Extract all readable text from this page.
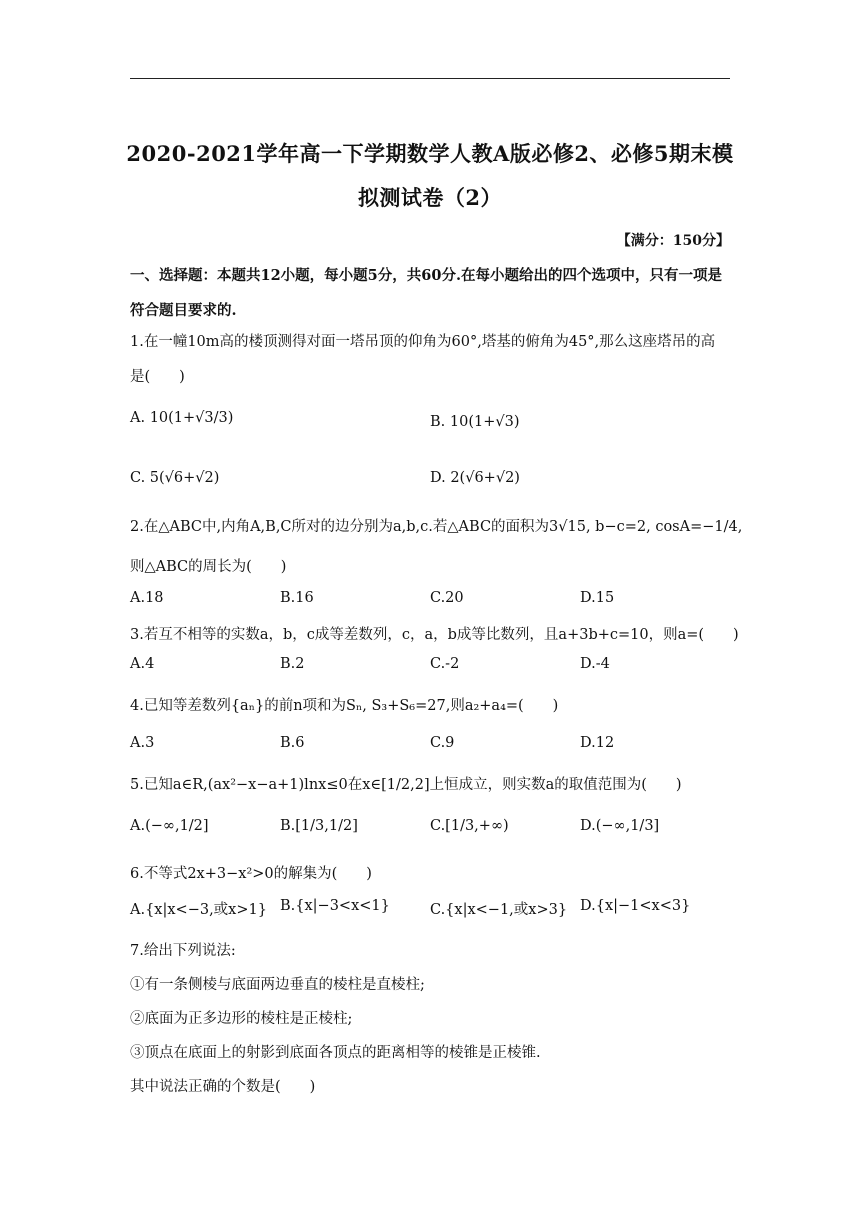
2020-2021学年高一下学期数学人教A版必修2、必修5期末模
拟测试卷（2）
【满分：150分】
一、选择题：本题共12小题，每小题5分，共60分.在每小题给出的四个选项中，只有一项是符合题目要求的.
1.在一幢10m高的楼顶测得对面一塔吊顶的仰角为60°,塔基的俯角为45°,那么这座塔吊的高
是(　　)
A. 10(1+√3/3)	B. 10(1+√3)
C. 5(√6+√2)	D. 2(√6+√2)
2.在△ABC中,内角A,B,C所对的边分别为a,b,c.若△ABC的面积为3√15, b−c=2, cosA=−1/4,
则△ABC的周长为(　　)
A.18	B.16	C.20	D.15
3.若互不相等的实数a，b，c成等差数列，c，a，b成等比数列，且a+3b+c=10，则a=(　　)
A.4	B.2	C.-2	D.-4
4.已知等差数列{aₙ}的前n项和为Sₙ, S₃+S₆=27,则a₂+a₄=(　　)
A.3	B.6	C.9	D.12
5.已知a∈R,(ax²−x−a+1)lnx≤0在x∈[1/2,2]上恒成立，则实数a的取值范围为(　　)
A.(−∞,1/2]	B.[1/3,1/2]	C.[1/3,+∞)	D.(−∞,1/3]
6.不等式2x+3−x²>0的解集为(　　)
A.{x|x<−3,或x>1} B.{x|−3<x<1}	C.{x|x<−1,或x>3} D.{x|−1<x<3}
7.给出下列说法:
①有一条侧棱与底面两边垂直的棱柱是直棱柱;
②底面为正多边形的棱柱是正棱柱;
③顶点在底面上的射影到底面各顶点的距离相等的棱锥是正棱锥.
其中说法正确的个数是(　　)
